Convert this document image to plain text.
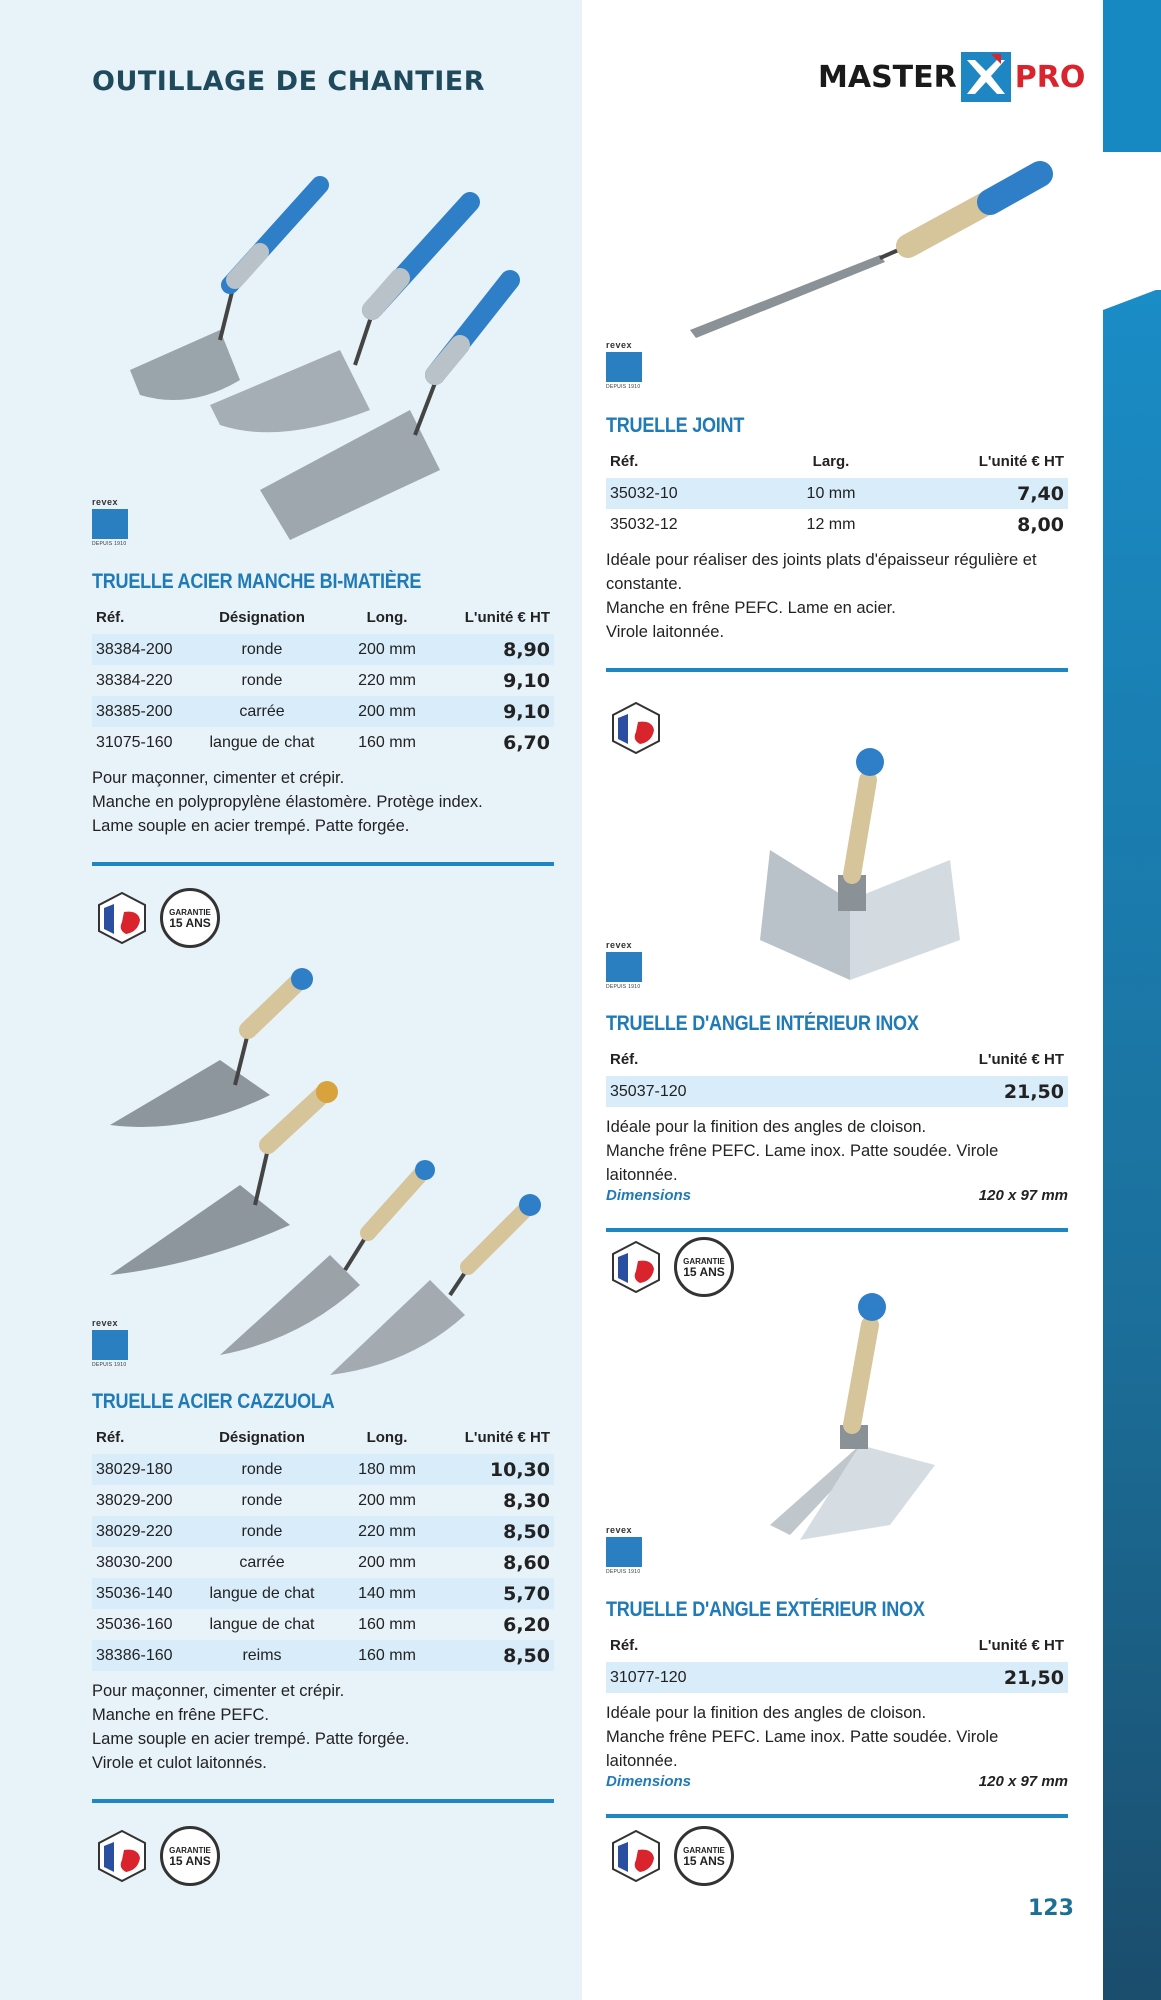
OUTILLAGE DE CHANTIER	MASTER PRO
revex
DEPUIS 1910
TRUELLE ACIER MANCHE BI-MATIÈRE
Réf.	Désignation	Long.	L'unité € HT
38384-200	ronde	200 mm	8,90
38384-220	ronde	220 mm	9,10
38385-200	carrée	200 mm	9,10
31075-160	langue de chat	160 mm	6,70
Pour maçonner, cimenter et crépir.
Manche en polypropylène élastomère. Protège index.
Lame souple en acier trempé. Patte forgée.
GARANTIE
15 ANS
revex
DEPUIS 1910
TRUELLE ACIER CAZZUOLA
Réf.	Désignation	Long.	L'unité € HT
38029-180	ronde	180 mm	10,30
38029-200	ronde	200 mm	8,30
38029-220	ronde	220 mm	8,50
38030-200	carrée	200 mm	8,60
35036-140	langue de chat	140 mm	5,70
35036-160	langue de chat	160 mm	6,20
38386-160	reims	160 mm	8,50
Pour maçonner, cimenter et crépir.
Manche en frêne PEFC.
Lame souple en acier trempé. Patte forgée.
Virole et culot laitonnés.
GARANTIE
15 ANS
revex
DEPUIS 1910
TRUELLE JOINT
Réf.	Larg.	L'unité € HT
35032-10	10 mm	7,40
35032-12	12 mm	8,00
Idéale pour réaliser des joints plats d'épaisseur régulière et
constante.
Manche en frêne PEFC. Lame en acier.
Virole laitonnée.
revex
DEPUIS 1910
TRUELLE D'ANGLE INTÉRIEUR INOX
Réf.	L'unité € HT
35037-120	21,50
Idéale pour la finition des angles de cloison.
Manche frêne PEFC. Lame inox. Patte soudée. Virole laitonnée.
Dimensions	120 x 97 mm
GARANTIE
15 ANS
revex
DEPUIS 1910
TRUELLE D'ANGLE EXTÉRIEUR INOX
Réf.	L'unité € HT
31077-120	21,50
Idéale pour la finition des angles de cloison.
Manche frêne PEFC. Lame inox. Patte soudée. Virole laitonnée.
Dimensions	120 x 97 mm
GARANTIE
15 ANS
123
